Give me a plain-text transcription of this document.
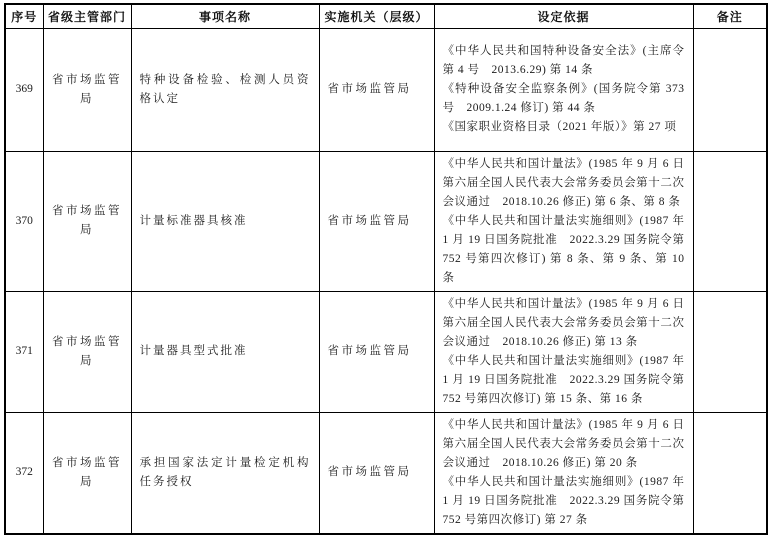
序号	省级主管部门	事项名称	实施机关（层级）	设定依据	备注
369	省市场监管局	特种设备检验、检测人员资格认定	省市场监管局	《中华人民共和国特种设备安全法》(主席令第 4 号　2013.6.29) 第 14 条
《特种设备安全监察条例》(国务院令第 373 号　2009.1.24 修订) 第 44 条
《国家职业资格目录（2021 年版）》第 27 项	

370	省市场监管局	计量标准器具核准	省市场监管局	《中华人民共和国计量法》(1985 年 9 月 6 日第六届全国人民代表大会常务委员会第十二次会议通过　2018.10.26 修正) 第 6 条、第 8 条
《中华人民共和国计量法实施细则》(1987 年 1 月 19 日国务院批准　2022.3.29 国务院令第 752 号第四次修订) 第 8 条、第 9 条、第 10 条	

371	省市场监管局	计量器具型式批准	省市场监管局	《中华人民共和国计量法》(1985 年 9 月 6 日第六届全国人民代表大会常务委员会第十二次会议通过　2018.10.26 修正) 第 13 条
《中华人民共和国计量法实施细则》(1987 年 1 月 19 日国务院批准　2022.3.29 国务院令第 752 号第四次修订) 第 15 条、第 16 条	

372	省市场监管局	承担国家法定计量检定机构任务授权	省市场监管局	《中华人民共和国计量法》(1985 年 9 月 6 日第六届全国人民代表大会常务委员会第十二次会议通过　2018.10.26 修正) 第 20 条
《中华人民共和国计量法实施细则》(1987 年 1 月 19 日国务院批准　2022.3.29 国务院令第 752 号第四次修订) 第 27 条	
